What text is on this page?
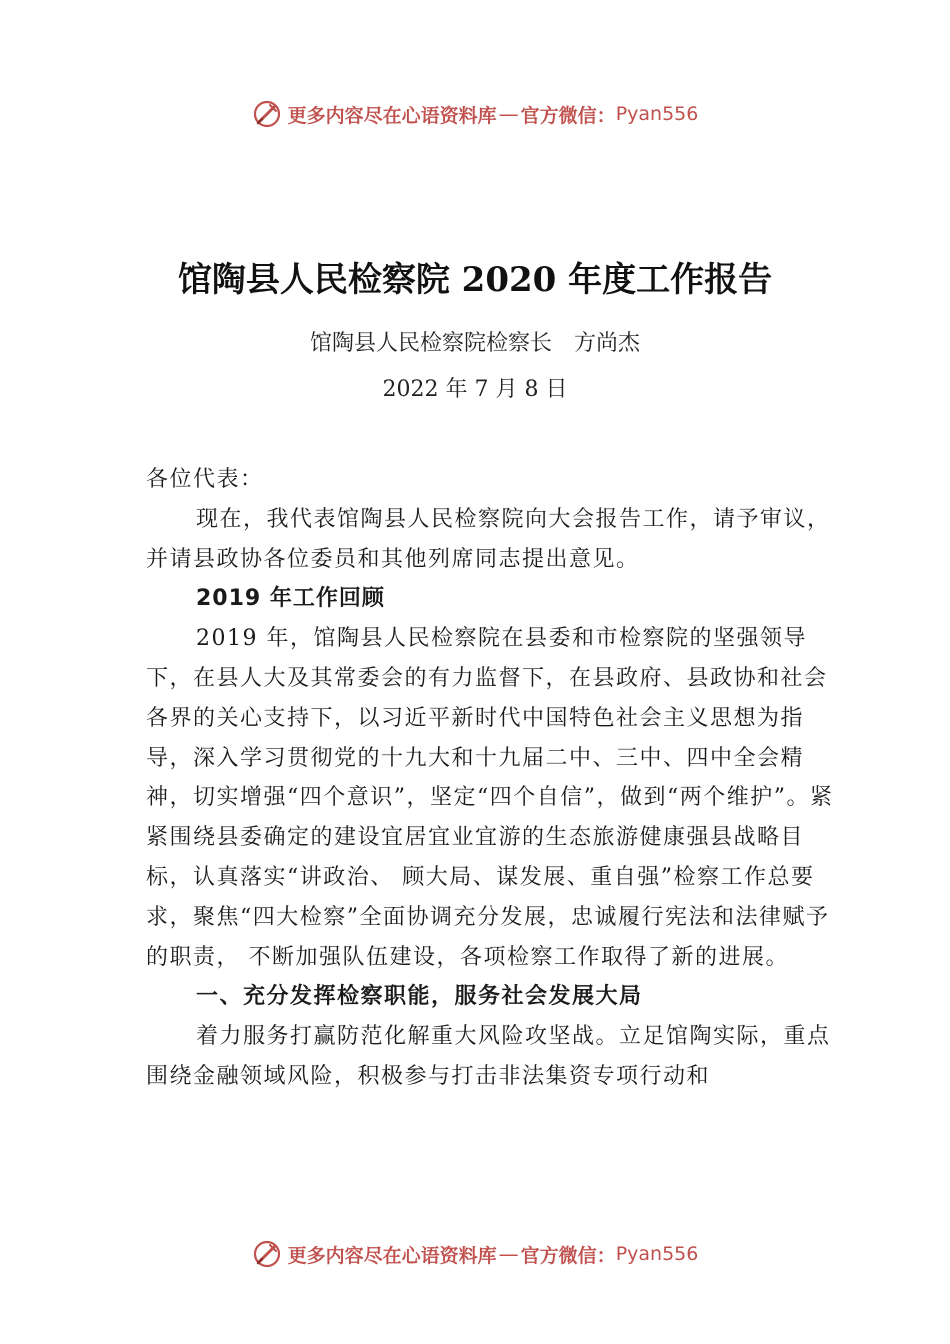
更多内容尽在心语资料库 — 官方微信： Pyan556
馆陶县人民检察院 2020 年度工作报告
馆陶县人民检察院检察长　方尚杰
2022 年 7 月 8 日

各位代表：

现在，我代表馆陶县人民检察院向大会报告工作，请予审议，并请县政协各位委员和其他列席同志提出意见。

2019 年工作回顾

2019 年，馆陶县人民检察院在县委和市检察院的坚强领导下，在县人大及其常委会的有力监督下，在县政府、县政协和社会各界的关心支持下，以习近平新时代中国特色社会主义思想为指导，深入学习贯彻党的十九大和十九届二中、三中、四中全会精神，切实增强“四个意识”，坚定“四个自信”，做到“两个维护”。紧紧围绕县委确定的建设宜居宜业宜游的生态旅游健康强县战略目标，认真落实“讲政治、 顾大局、谋发展、重自强”检察工作总要求，聚焦“四大检察”全面协调充分发展，忠诚履行宪法和法律赋予的职责， 不断加强队伍建设，各项检察工作取得了新的进展。

一、充分发挥检察职能，服务社会发展大局

着力服务打赢防范化解重大风险攻坚战。立足馆陶实际，重点围绕金融领域风险，积极参与打击非法集资专项行动和

更多内容尽在心语资料库 — 官方微信： Pyan556
